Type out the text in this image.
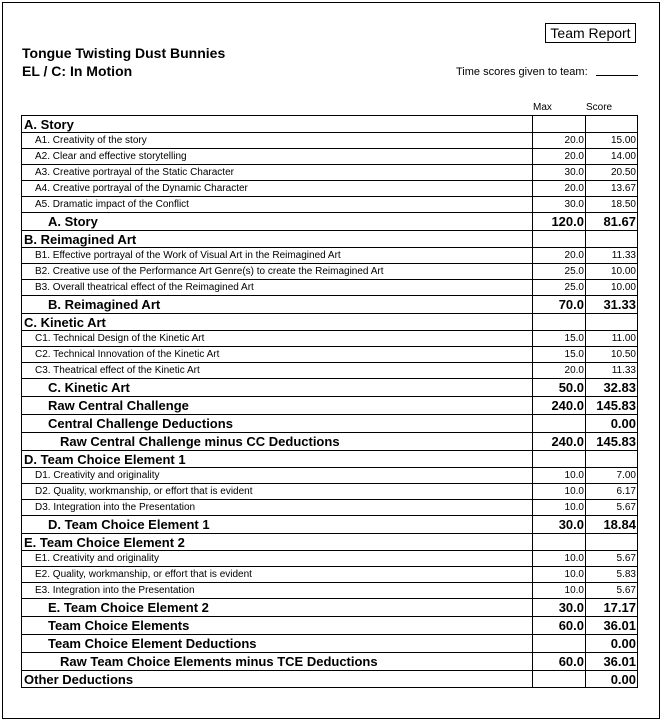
Team Report
Tongue Twisting Dust Bunnies
EL / C: In Motion	Time scores given to team:
Max	Score
A. Story		
A1. Creativity of the story	20.0	15.00
A2. Clear and effective storytelling	20.0	14.00
A3. Creative portrayal of the Static Character	30.0	20.50
A4. Creative portrayal of the Dynamic Character	20.0	13.67
A5. Dramatic impact of the Conflict	30.0	18.50
A. Story	120.0	81.67
B. Reimagined Art		
B1. Effective portrayal of the Work of Visual Art in the Reimagined Art	20.0	11.33
B2. Creative use of the Performance Art Genre(s) to create the Reimagined Art	25.0	10.00
B3. Overall theatrical effect of the Reimagined Art	25.0	10.00
B. Reimagined Art	70.0	31.33
C. Kinetic Art		
C1. Technical Design of the Kinetic Art	15.0	11.00
C2. Technical Innovation of the Kinetic Art	15.0	10.50
C3. Theatrical effect of the Kinetic Art	20.0	11.33
C. Kinetic Art	50.0	32.83
Raw Central Challenge	240.0	145.83
Central Challenge Deductions		0.00
Raw Central Challenge minus CC Deductions	240.0	145.83
D. Team Choice Element 1		
D1. Creativity and originality	10.0	7.00
D2. Quality, workmanship, or effort that is evident	10.0	6.17
D3. Integration into the Presentation	10.0	5.67
D. Team Choice Element 1	30.0	18.84
E. Team Choice Element 2		
E1. Creativity and originality	10.0	5.67
E2. Quality, workmanship, or effort that is evident	10.0	5.83
E3. Integration into the Presentation	10.0	5.67
E. Team Choice Element 2	30.0	17.17
Team Choice Elements	60.0	36.01
Team Choice Element Deductions		0.00
Raw Team Choice Elements minus TCE Deductions	60.0	36.01
Other Deductions		0.00
